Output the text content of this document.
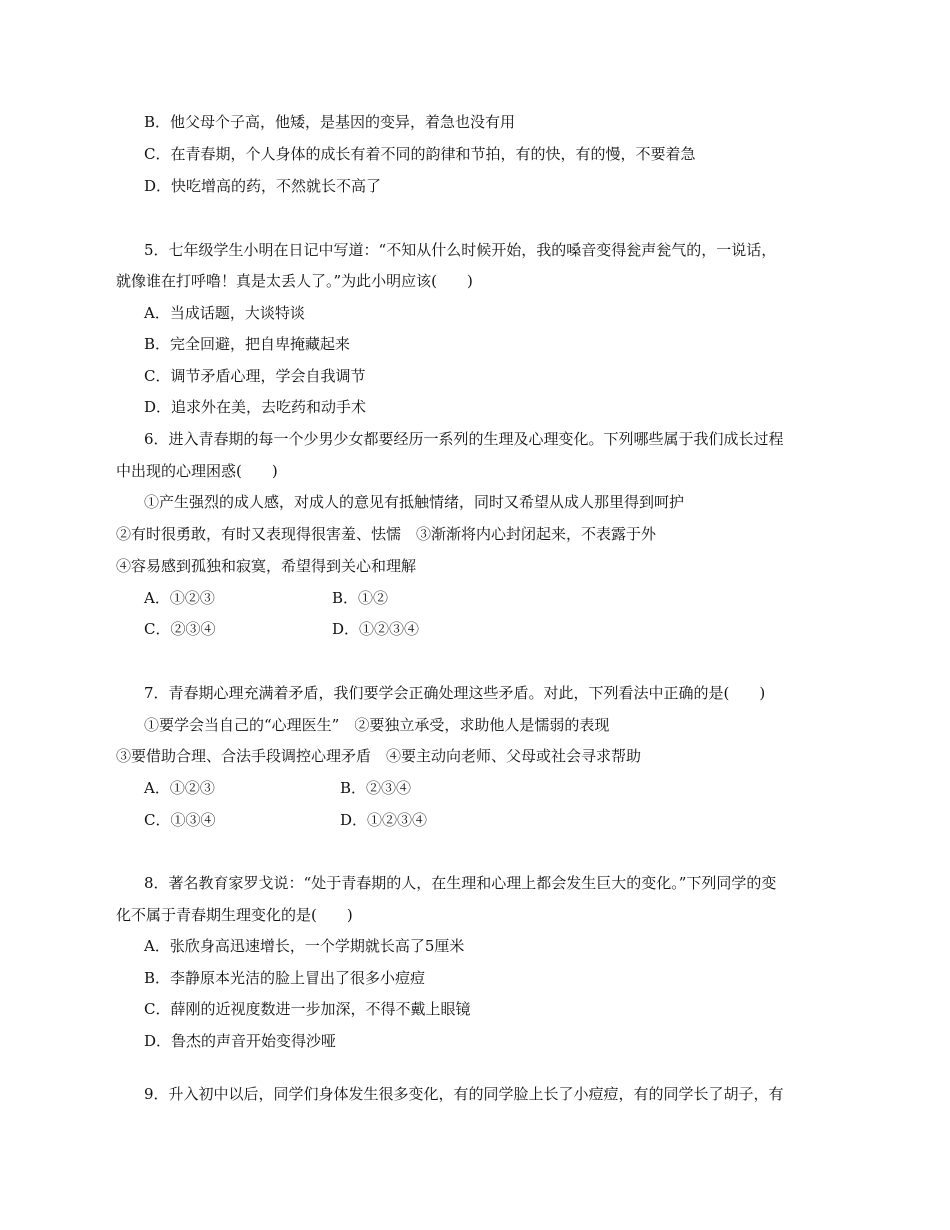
B．他父母个子高，他矮，是基因的变异，着急也没有用
C．在青春期，个人身体的成长有着不同的韵律和节拍，有的快，有的慢，不要着急
D．快吃增高的药，不然就长不高了
5．七年级学生小明在日记中写道：“不知从什么时候开始，我的嗓音变得瓮声瓮气的，一说话，
就像谁在打呼噜！真是太丢人了。”为此小明应该(　　)
A．当成话题，大谈特谈
B．完全回避，把自卑掩藏起来
C．调节矛盾心理，学会自我调节
D．追求外在美，去吃药和动手术
6．进入青春期的每一个少男少女都要经历一系列的生理及心理变化。下列哪些属于我们成长过程
中出现的心理困惑(　　)
①产生强烈的成人感，对成人的意见有抵触情绪，同时又希望从成人那里得到呵护
②有时很勇敢，有时又表现得很害羞、怯懦　③渐渐将内心封闭起来，不表露于外
④容易感到孤独和寂寞，希望得到关心和理解
A．①②③	B．①②
C．②③④	D．①②③④
7．青春期心理充满着矛盾，我们要学会正确处理这些矛盾。对此，下列看法中正确的是(　　)
①要学会当自己的“心理医生”　②要独立承受，求助他人是懦弱的表现
③要借助合理、合法手段调控心理矛盾　④要主动向老师、父母或社会寻求帮助
A．①②③	B．②③④
C．①③④	D．①②③④
8．著名教育家罗戈说：“处于青春期的人，在生理和心理上都会发生巨大的变化。”下列同学的变
化不属于青春期生理变化的是(　　)
A．张欣身高迅速增长，一个学期就长高了5厘米
B．李静原本光洁的脸上冒出了很多小痘痘
C．薛刚的近视度数进一步加深，不得不戴上眼镜
D．鲁杰的声音开始变得沙哑
9．升入初中以后，同学们身体发生很多变化，有的同学脸上长了小痘痘，有的同学长了胡子，有
